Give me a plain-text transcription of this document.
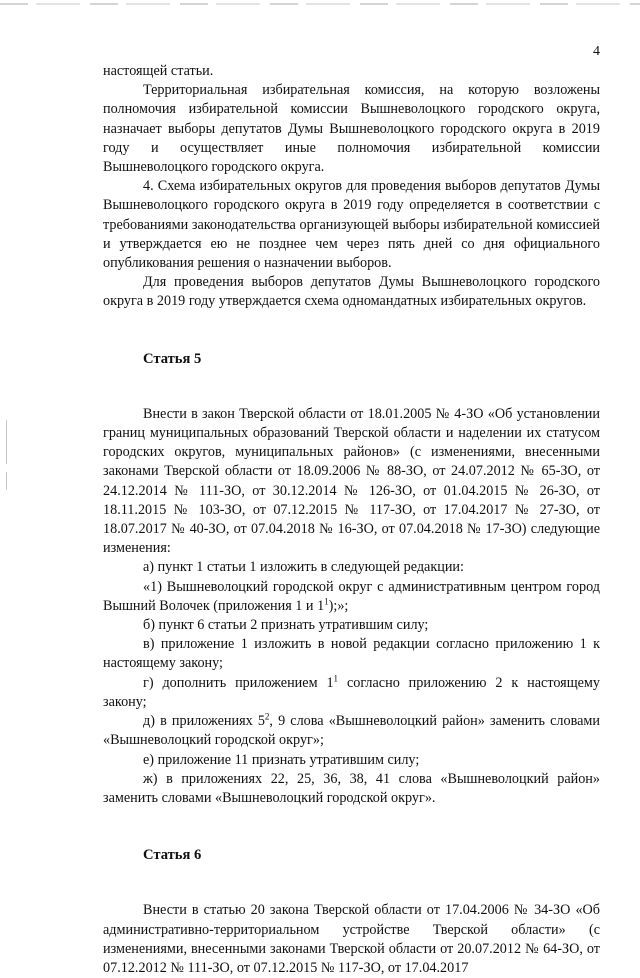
4

настоящей статьи.

Территориальная избирательная комиссия, на которую возложены полномочия избирательной комиссии Вышневолоцкого городского округа, назначает выборы депутатов Думы Вышневолоцкого городского округа в 2019 году и осуществляет иные полномочия избирательной комиссии Вышневолоцкого городского округа.

4. Схема избирательных округов для проведения выборов депутатов Думы Вышневолоцкого городского округа в 2019 году определяется в соответствии с требованиями законодательства организующей выборы избирательной комиссией и утверждается ею не позднее чем через пять дней со дня официального опубликования решения о назначении выборов.

Для проведения выборов депутатов Думы Вышневолоцкого городского округа в 2019 году утверждается схема одномандатных избирательных округов.

Статья 5

Внести в закон Тверской области от 18.01.2005 № 4-ЗО «Об установлении границ муниципальных образований Тверской области и наделении их статусом городских округов, муниципальных районов» (с изменениями, внесенными законами Тверской области от 18.09.2006 № 88-ЗО, от 24.07.2012 № 65-ЗО, от 24.12.2014 № 111-ЗО, от 30.12.2014 № 126-ЗО, от 01.04.2015 № 26-ЗО, от 18.11.2015 № 103-ЗО, от 07.12.2015 № 117-ЗО, от 17.04.2017 № 27-ЗО, от 18.07.2017 № 40-ЗО, от 07.04.2018 № 16-ЗО, от 07.04.2018 № 17-ЗО) следующие изменения:

а) пункт 1 статьи 1 изложить в следующей редакции:

«1) Вышневолоцкий городской округ с административным центром город Вышний Волочек (приложения 1 и $1^1$);»;

б) пункт 6 статьи 2 признать утратившим силу;

в) приложение 1 изложить в новой редакции согласно приложению 1 к настоящему закону;

г) дополнить приложением $1^1$ согласно приложению 2 к настоящему закону;

д) в приложениях $5^2$, 9 слова «Вышневолоцкий район» заменить словами «Вышневолоцкий городской округ»;

е) приложение 11 признать утратившим силу;

ж) в приложениях 22, 25, 36, 38, 41 слова «Вышневолоцкий район» заменить словами «Вышневолоцкий городской округ».

Статья 6

Внести в статью 20 закона Тверской области от 17.04.2006 № 34-ЗО «Об административно-территориальном устройстве Тверской области» (с изменениями, внесенными законами Тверской области от 20.07.2012 № 64-ЗО, от 07.12.2012 № 111-ЗО, от 07.12.2015 № 117-ЗО, от 17.04.2017
